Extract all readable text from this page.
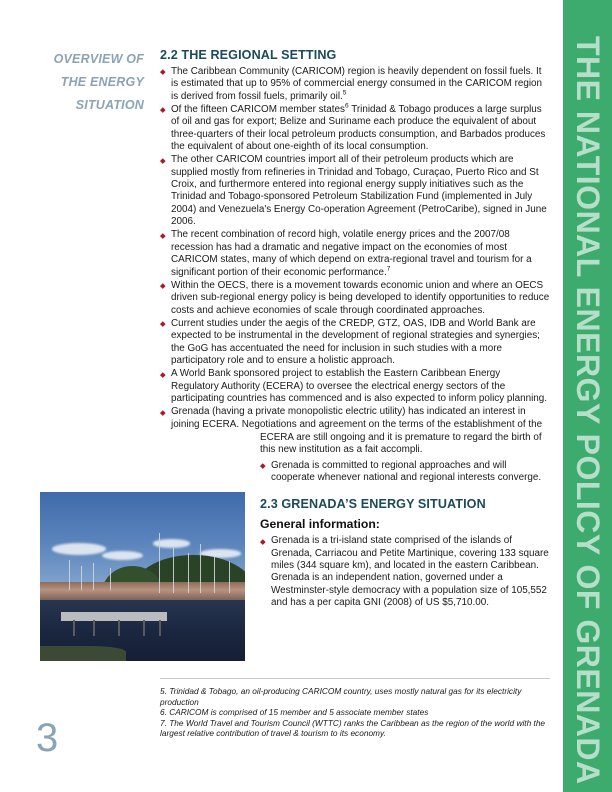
THE NATIONAL ENERGY POLICY OF GRENADA
OVERVIEW OF
THE ENERGY
SITUATION
3
2.2 THE REGIONAL SETTING
The Caribbean Community (CARICOM) region is heavily dependent on fossil fuels. It is estimated that up to 95% of commercial energy consumed in the CARICOM region is derived from fossil fuels, primarily oil.$^5$
Of the fifteen CARICOM member states$^6$ Trinidad & Tobago produces a large surplus of oil and gas for export; Belize and Suriname each produce the equivalent of about three-quarters of their local petroleum products consumption, and Barbados produces the equivalent of about one-eighth of its local consumption.
The other CARICOM countries import all of their petroleum products which are supplied mostly from refineries in Trinidad and Tobago, Curaçao, Puerto Rico and St Croix, and furthermore entered into regional energy supply initiatives such as the Trinidad and Tobago-sponsored Petroleum Stabilization Fund (implemented in July 2004) and Venezuela's Energy Co-operation Agreement (PetroCaribe), signed in June 2006.
The recent combination of record high, volatile energy prices and the 2007/08 recession has had a dramatic and negative impact on the economies of most CARICOM states, many of which depend on extra-regional travel and tourism for a significant portion of their economic performance.$^7$
Within the OECS, there is a movement towards economic union and where an OECS driven sub-regional energy policy is being developed to identify opportunities to reduce costs and achieve economies of scale through coordinated approaches.
Current studies under the aegis of the CREDP, GTZ, OAS, IDB and World Bank are expected to be instrumental in the development of regional strategies and synergies; the GoG has accentuated the need for inclusion in such studies with a more participatory role and to ensure a holistic approach.
A World Bank sponsored project to establish the Eastern Caribbean Energy Regulatory Authority (ECERA) to oversee the electrical energy sectors of the participating countries has commenced and is also expected to inform policy planning.
Grenada (having a private monopolistic electric utility) has indicated an interest in joining ECERA. Negotiations and agreement on the terms of the establishment of the

ECERA are still ongoing and it is premature to regard the birth of this new institution as a fait accompli.

Grenada is committed to regional approaches and will cooperate whenever national and regional interests converge.
2.3 GRENADA’S ENERGY SITUATION
General information:
Grenada is a tri-island state comprised of the islands of Grenada, Carriacou and Petite Martinique, covering 133 square miles (344 square km), and located in the eastern Caribbean. Grenada is an independent nation, governed under a Westminster-style democracy with a population size of 105,552 and has a per capita GNI (2008) of US $5,710.00.

5. Trinidad & Tobago, an oil-producing CARICOM country, uses mostly natural gas for its electricity production

6. CARICOM is comprised of 15 member and 5 associate member states

7. The World Travel and Tourism Council (WTTC) ranks the Caribbean as the region of the world with the largest relative contribution of travel & tourism to its economy.
